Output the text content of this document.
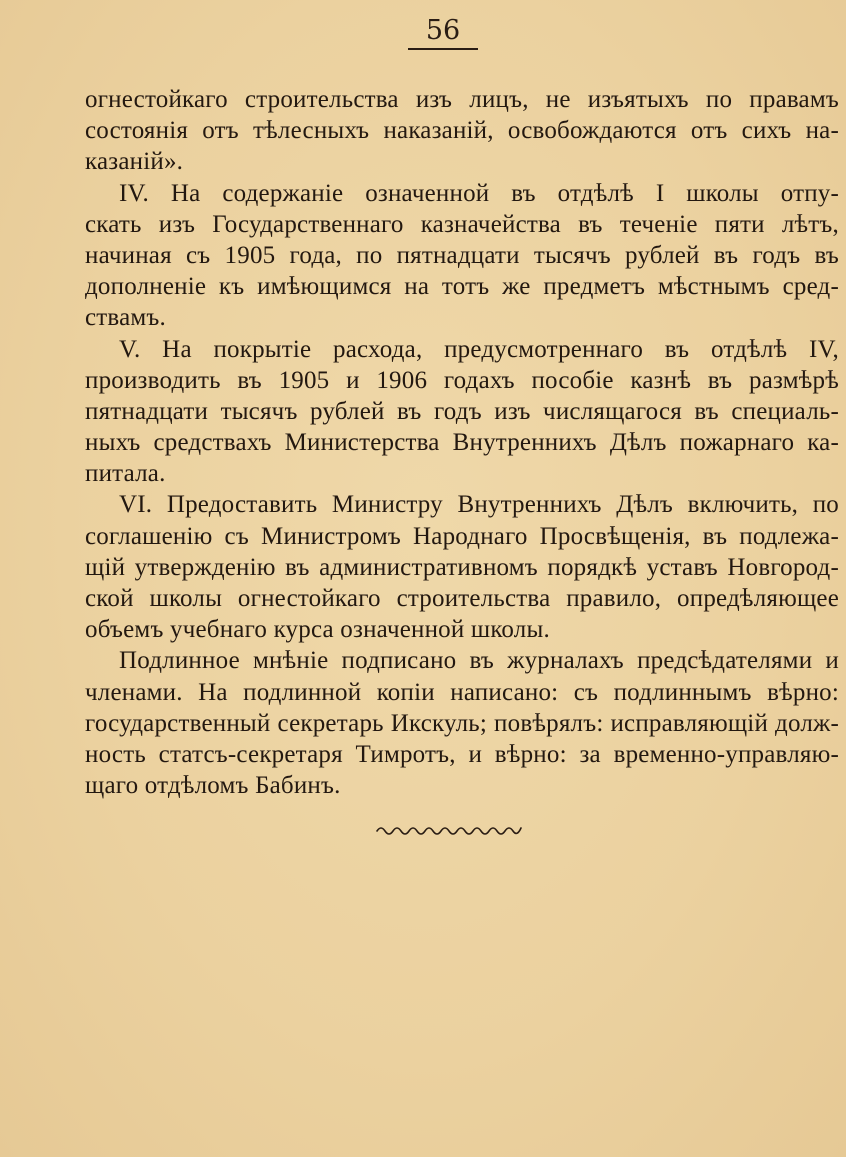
56
огнестойкаго строительства изъ лицъ, не изъятыхъ по правамъ
состоянія отъ тѣлесныхъ наказаній, освобождаются отъ сихъ на-
казаній».
IV. На содержаніе означенной въ отдѣлѣ I школы отпу-
скать изъ Государственнаго казначейства въ теченіе пяти лѣтъ,
начиная съ 1905 года, по пятнадцати тысячъ рублей въ годъ въ
дополненіе къ имѣющимся на тотъ же предметъ мѣстнымъ сред-
ствамъ.
V. На покрытіе расхода, предусмотреннаго въ отдѣлѣ IV,
производить въ 1905 и 1906 годахъ пособіе казнѣ въ размѣрѣ
пятнадцати тысячъ рублей въ годъ изъ числящагося въ специаль-
ныхъ средствахъ Министерства Внутреннихъ Дѣлъ пожарнаго ка-
питала.
VI. Предоставить Министру Внутреннихъ Дѣлъ включить, по
соглашенію съ Министромъ Народнаго Просвѣщенія, въ подлежа-
щій утвержденію въ административномъ порядкѣ уставъ Новгород-
ской школы огнестойкаго строительства правило, опредѣляющее
объемъ учебнаго курса означенной школы.
Подлинное мнѣніе подписано въ журналахъ предсѣдателями и
членами. На подлинной копіи написано: съ подлиннымъ вѣрно:
государственный секретарь Икскуль; повѣрялъ: исправляющій долж-
ность статсъ-секретаря Тимротъ, и вѣрно: за временно-управляю-
щаго отдѣломъ Бабинъ.
